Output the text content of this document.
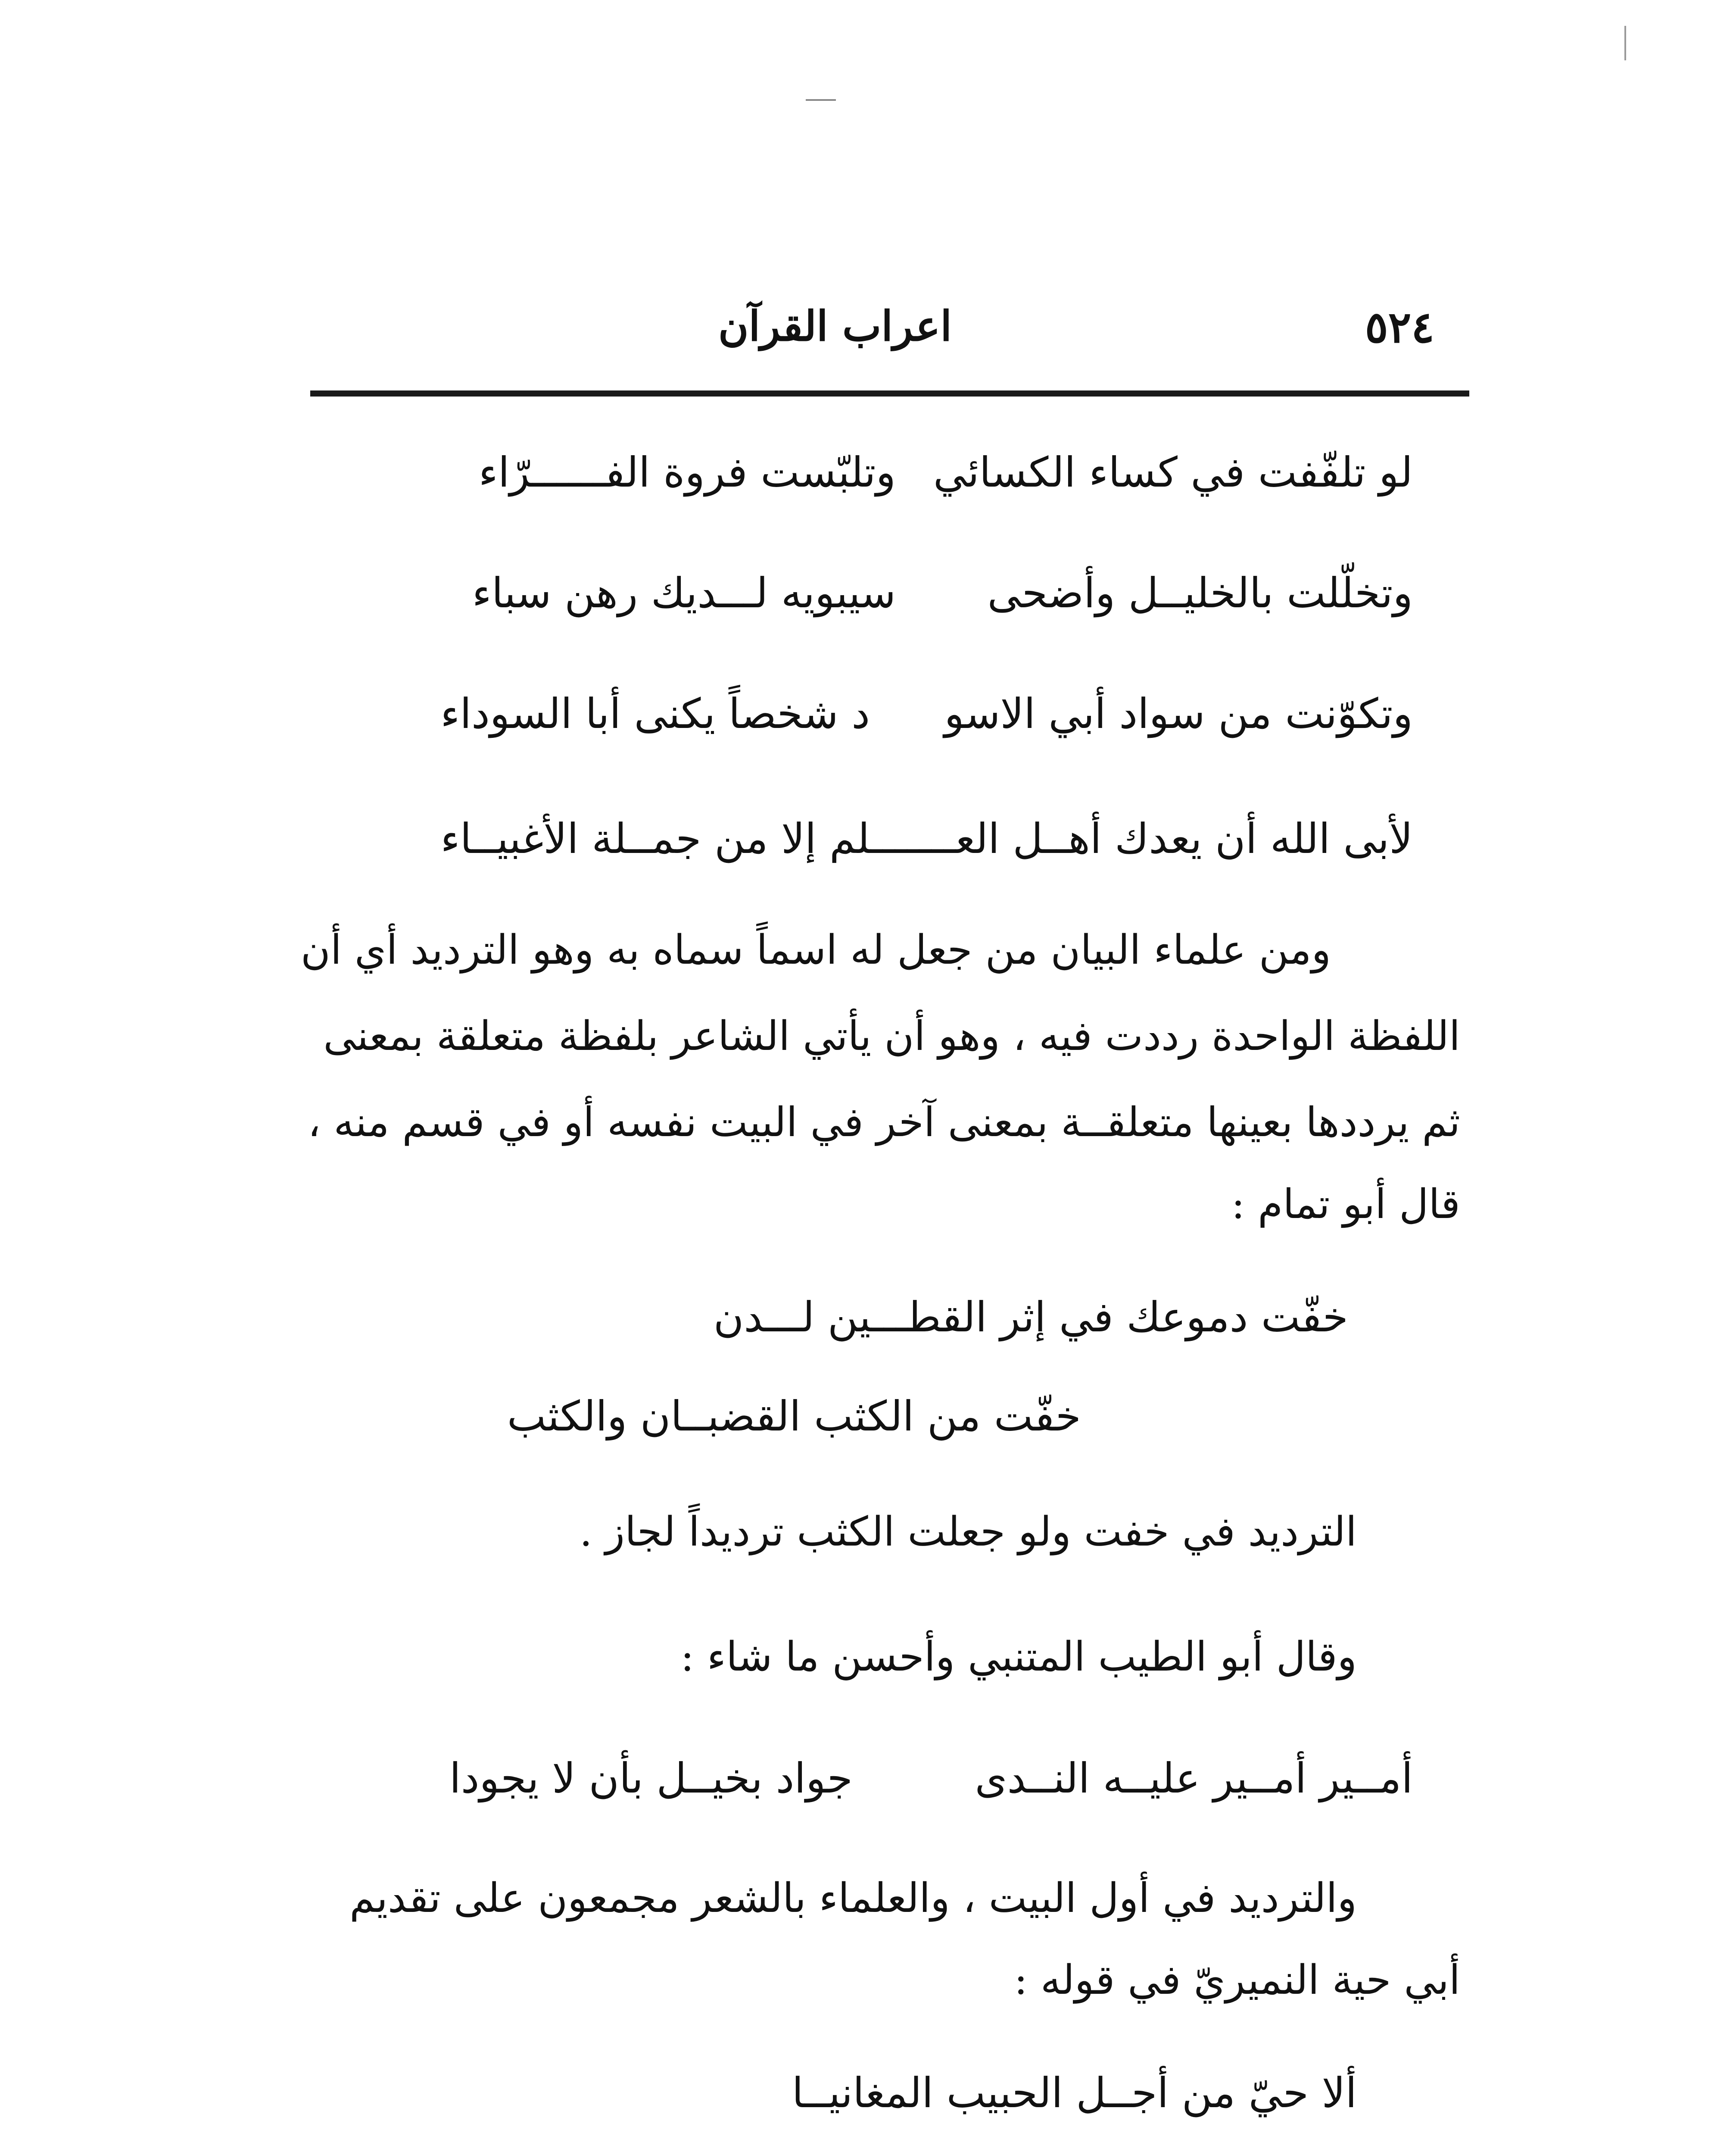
اعراب القرآن	٥٢٤
لو تلفّفت في كساء الكسائي
وتلبّست فروة الفــــــرّاء
وتخلّلت بالخليــل وأضحى
سيبويه لـــديك رهن سباء
وتكوّنت من سواد أبي الاسو
د شخصاً يكنى أبا السوداء
لأبى الله أن يعدك أهــل العـــــــلم إلا من جمــلة الأغبيــاء
ومن علماء البيان من جعل له اسماً سماه به وهو الترديد أي أن
اللفظة الواحدة رددت فيه ، وهو أن يأتي الشاعر بلفظة متعلقة بمعنى
ثم يرددها بعينها متعلقــة بمعنى آخر في البيت نفسه أو في قسم منه ،
قال أبو تمام :
خفّت دموعك في إثر القطـــين لـــدن
خفّت من الكثب القضبــان والكثب
الترديد في خفت ولو جعلت الكثب ترديداً لجاز .
وقال أبو الطيب المتنبي وأحسن ما شاء :
أمــير أمــير عليــه النــدى
جواد بخيــل بأن لا يجودا
والترديد في أول البيت ، والعلماء بالشعر مجمعون على تقديم
أبي حية النميريّ في قوله :
ألا حيّ من أجــل الحبيب المغانيــا
